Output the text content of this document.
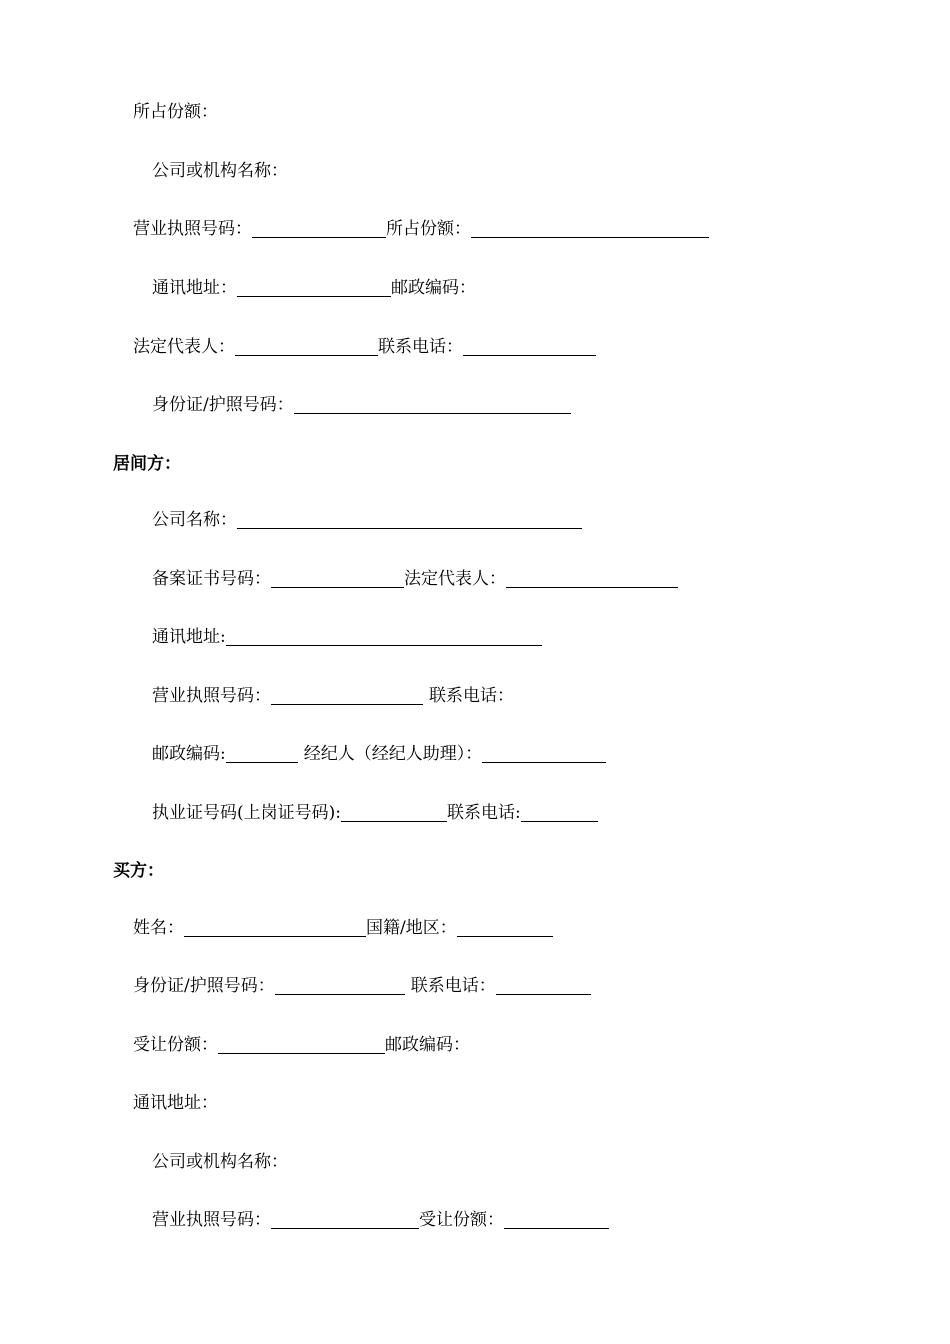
所占份额：
公司或机构名称：
营业执照号码：	所占份额：
通讯地址：	邮政编码：
法定代表人：	联系电话：
身份证/护照号码：
居间方：
公司名称：
备案证书号码：	法定代表人：
通讯地址:
营业执照号码：	联系电话：
邮政编码:	经纪人（经纪人助理）：
执业证号码(上岗证号码):	联系电话:
买方：
姓名：	国籍/地区：
身份证/护照号码：	联系电话：
受让份额：	邮政编码：
通讯地址：
公司或机构名称：
营业执照号码：	受让份额：
